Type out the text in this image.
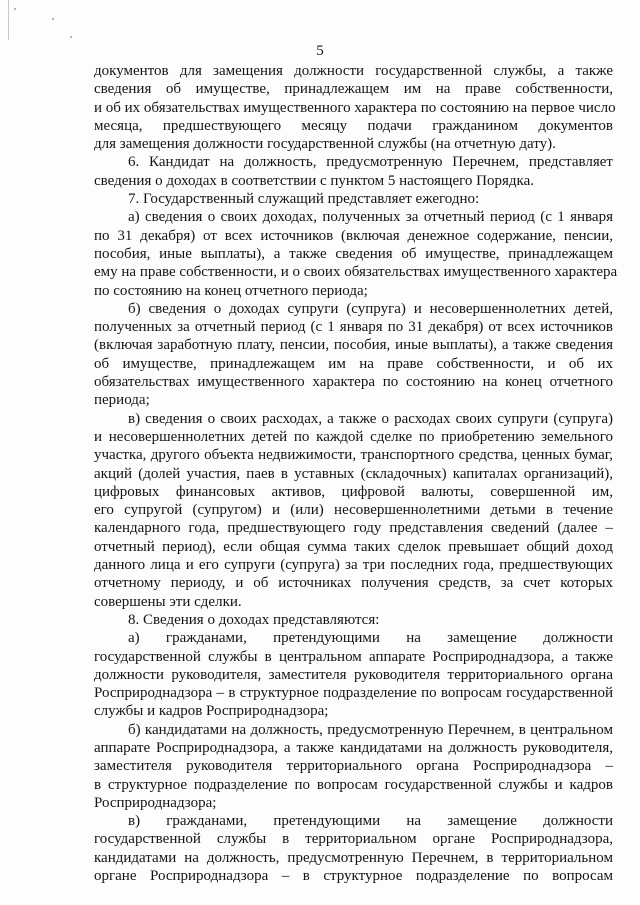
5
документов для замещения должности государственной службы, а также
сведения об имуществе, принадлежащем им на праве собственности,
и об их обязательствах имущественного характера по состоянию на первое число
месяца, предшествующего месяцу подачи гражданином документов
для замещения должности государственной службы (на отчетную дату).
6. Кандидат на должность, предусмотренную Перечнем, представляет
сведения о доходах в соответствии с пунктом 5 настоящего Порядка.
7. Государственный служащий представляет ежегодно:
а) сведения о своих доходах, полученных за отчетный период (с 1 января
по 31 декабря) от всех источников (включая денежное содержание, пенсии,
пособия, иные выплаты), а также сведения об имуществе, принадлежащем
ему на праве собственности, и о своих обязательствах имущественного характера
по состоянию на конец отчетного периода;
б) сведения о доходах супруги (супруга) и несовершеннолетних детей,
полученных за отчетный период (с 1 января по 31 декабря) от всех источников
(включая заработную плату, пенсии, пособия, иные выплаты), а также сведения
об имуществе, принадлежащем им на праве собственности, и об их
обязательствах имущественного характера по состоянию на конец отчетного
периода;
в) сведения о своих расходах, а также о расходах своих супруги (супруга)
и несовершеннолетних детей по каждой сделке по приобретению земельного
участка, другого объекта недвижимости, транспортного средства, ценных бумаг,
акций (долей участия, паев в уставных (складочных) капиталах организаций),
цифровых финансовых активов, цифровой валюты, совершенной им,
его супругой (супругом) и (или) несовершеннолетними детьми в течение
календарного года, предшествующего году представления сведений (далее –
отчетный период), если общая сумма таких сделок превышает общий доход
данного лица и его супруги (супруга) за три последних года, предшествующих
отчетному периоду, и об источниках получения средств, за счет которых
совершены эти сделки.
8. Сведения о доходах представляются:
а) гражданами, претендующими на замещение должности
государственной службы в центральном аппарате Росприроднадзора, а также
должности руководителя, заместителя руководителя территориального органа
Росприроднадзора – в структурное подразделение по вопросам государственной
службы и кадров Росприроднадзора;
б) кандидатами на должность, предусмотренную Перечнем, в центральном
аппарате Росприроднадзора, а также кандидатами на должность руководителя,
заместителя руководителя территориального органа Росприроднадзора –
в структурное подразделение по вопросам государственной службы и кадров
Росприроднадзора;
в) гражданами, претендующими на замещение должности
государственной службы в территориальном органе Росприроднадзора,
кандидатами на должность, предусмотренную Перечнем, в территориальном
органе Росприроднадзора – в структурное подразделение по вопросам
